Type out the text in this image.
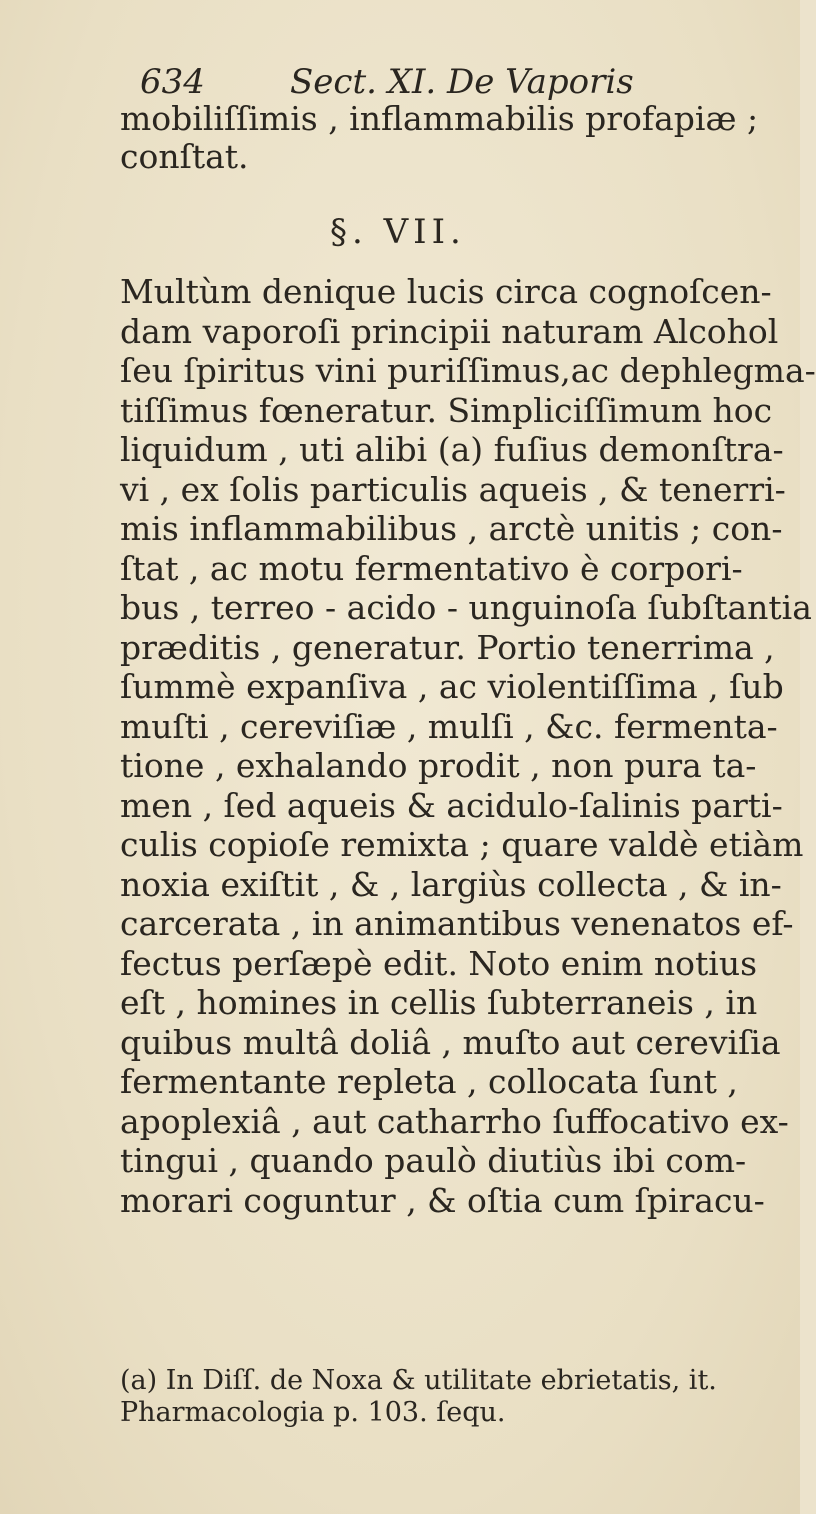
634	Sect. XI. De Vaporis
mobiliſſimis , inflammabilis profapiæ ;
conſtat.
§. VII.
Multùm denique lucis circa cognoſcen-
dam vaporoſi principii naturam Alcohol
ſeu ſpiritus vini puriſſimus,ac dephlegma-
tiſſimus fœneratur. Simpliciſſimum hoc
liquidum , uti alibi (a) fuſius demonſtra-
vi , ex ſolis particulis aqueis , & tenerri-
mis inflammabilibus , arctè unitis ; con-
ſtat , ac motu fermentativo è corpori-
bus , terreo - acido - unguinoſa ſubſtantia
præditis , generatur. Portio tenerrima ,
ſummè expanſiva , ac violentiſſima , ſub
muſti , cereviſiæ , mulſi , &c. fermenta-
tione , exhalando prodit , non pura ta-
men , ſed aqueis & acidulo-ſalinis parti-
culis copioſe remixta ; quare valdè etiàm
noxia exiſtit , & , largiùs collecta , & in-
carcerata , in animantibus venenatos ef-
fectus perſæpè edit. Noto enim notius
eſt , homines in cellis ſubterraneis , in
quibus multâ doliâ , muſto aut cereviſia
fermentante repleta , collocata ſunt ,
apoplexiâ , aut catharrho ſuffocativo ex-
tingui , quando paulò diutiùs ibi com-
morari coguntur , & oſtia cum ſpiracu-
(a) In Diſſ. de Noxa & utilitate ebrietatis, it.
Pharmacologia p. 103. ſequ.
